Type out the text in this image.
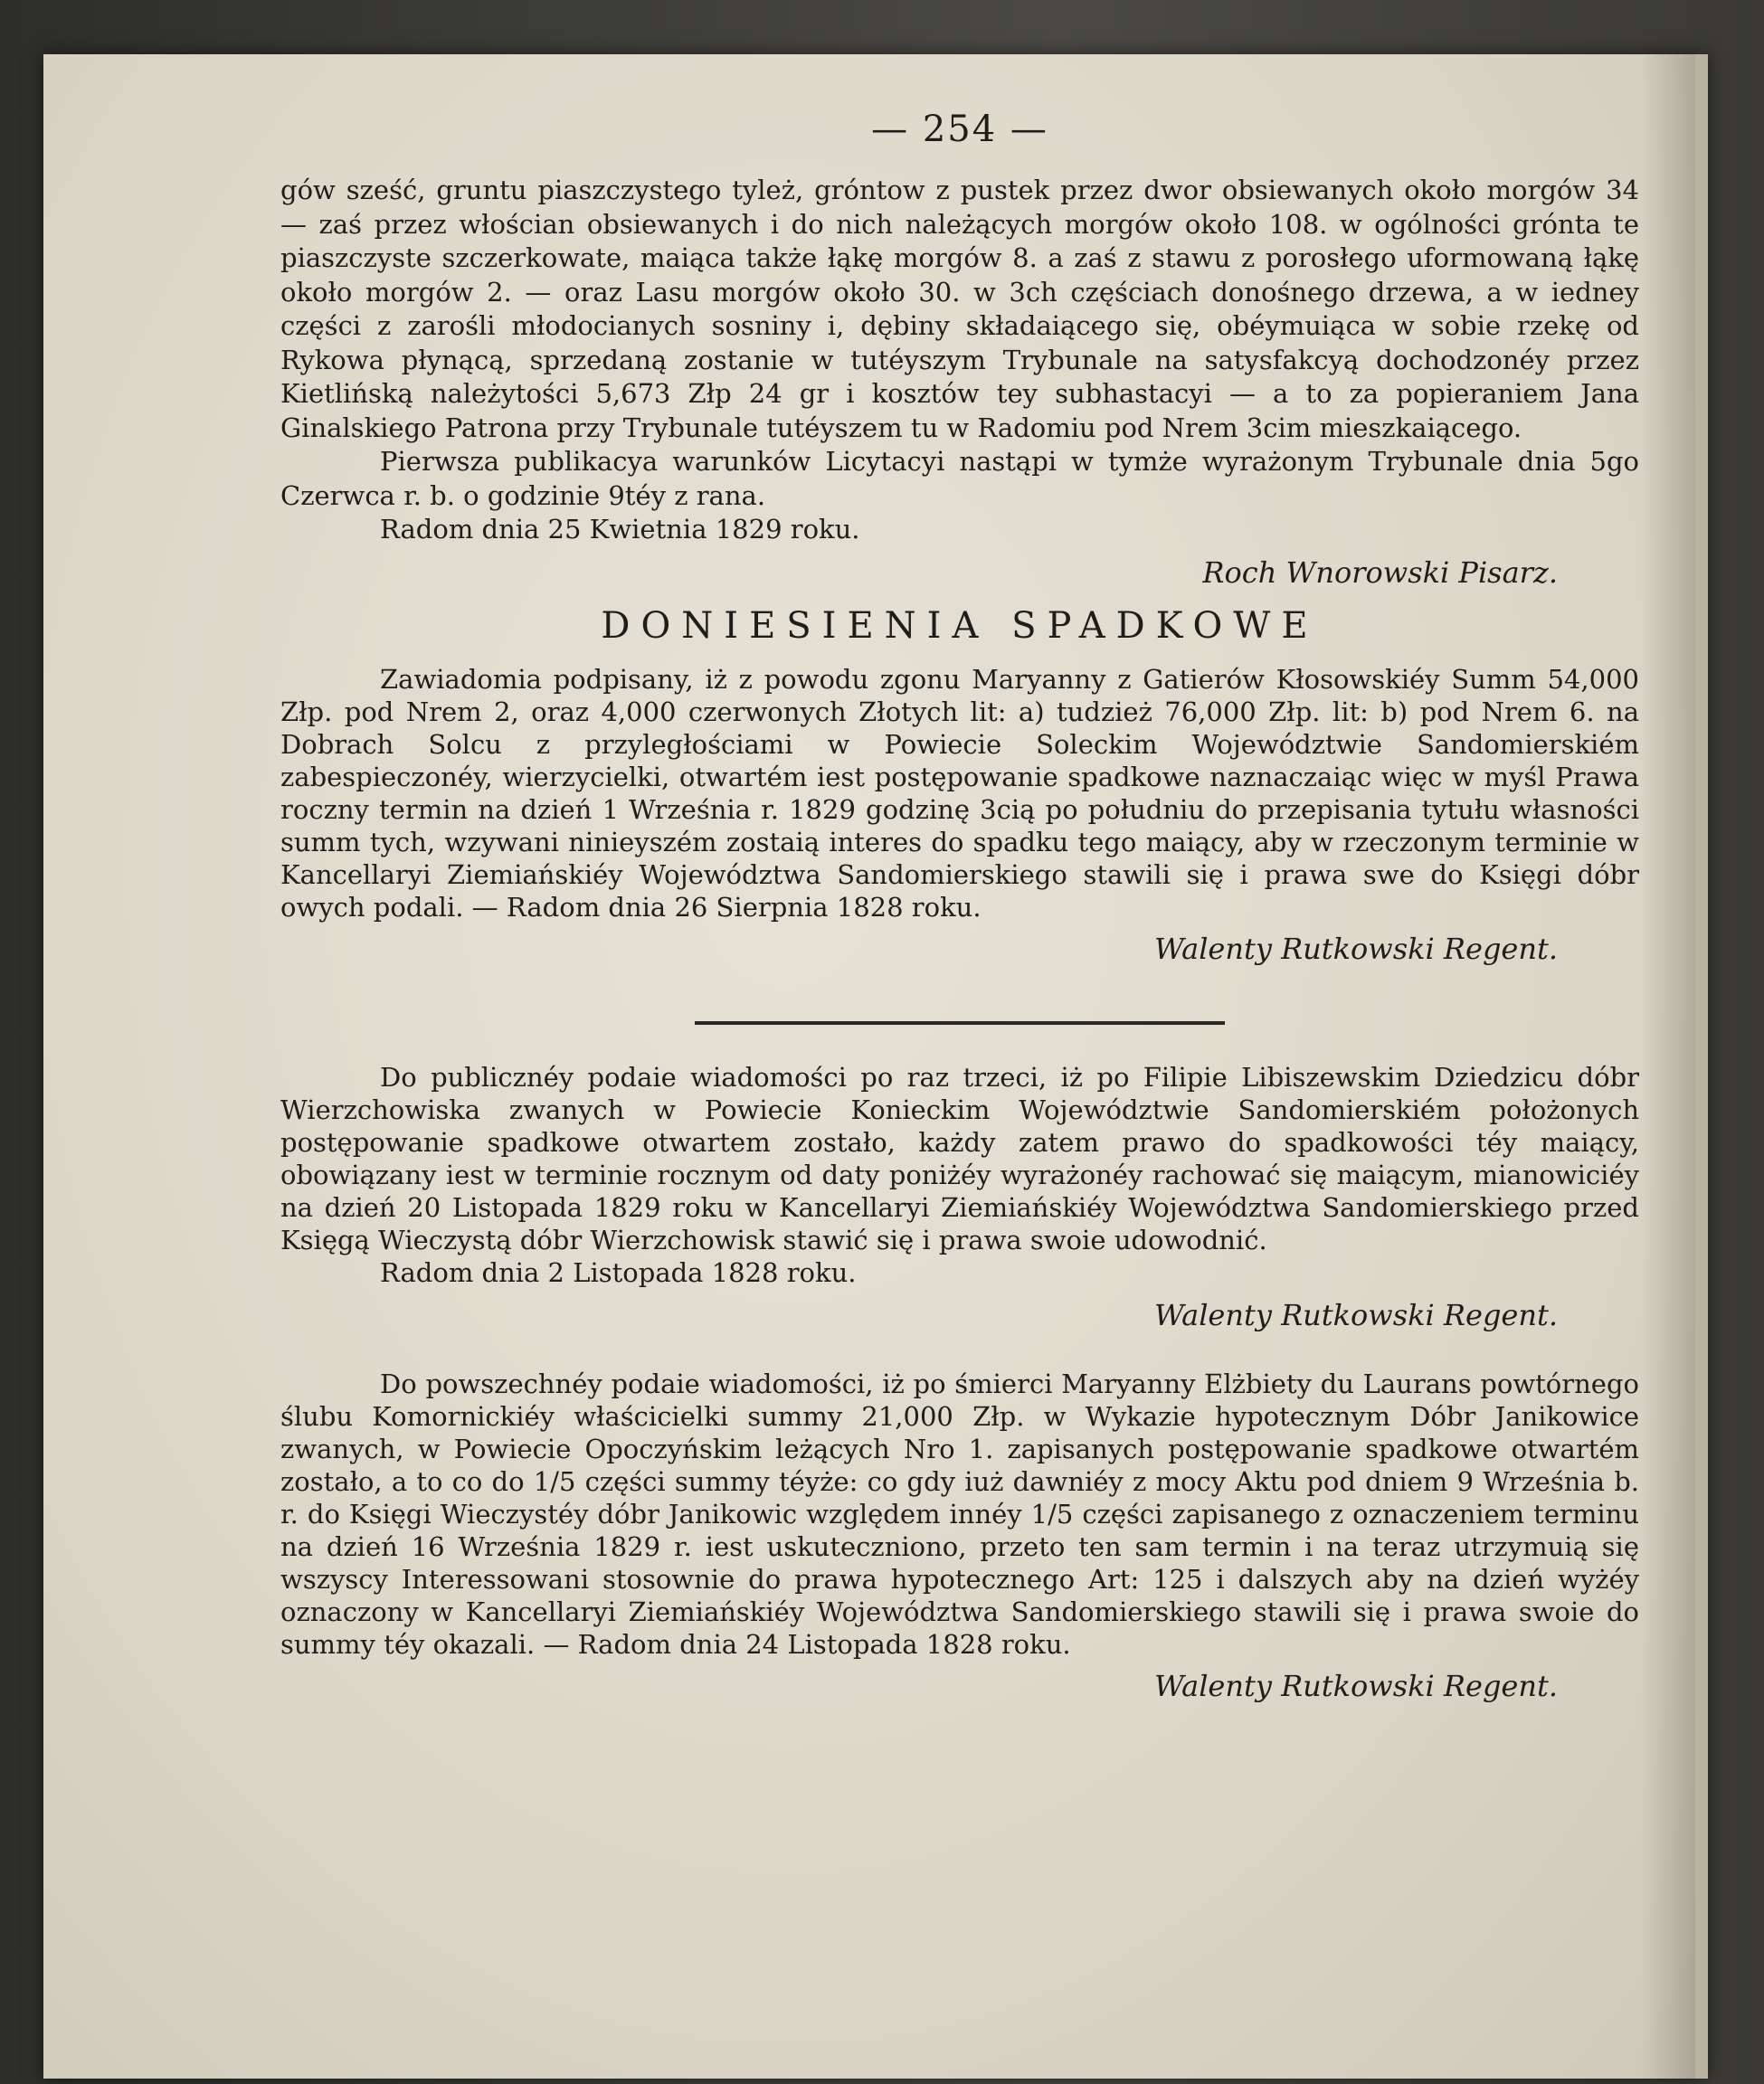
— 254 —

gów sześć, gruntu piaszczystego tyleż, gróntow z pustek przez dwor obsiewanych około morgów 34 — zaś przez włościan obsiewanych i do nich należących morgów około 108. w ogólności grónta te piaszczyste szczerkowate, maiąca także łąkę morgów 8. a zaś z stawu z porosłego uformowaną łąkę około morgów 2. — oraz Lasu morgów około 30. w 3ch częściach donośnego drzewa, a w iedney części z zarośli młodocianych sosniny i, dębiny składaiącego się, obéymuiąca w sobie rzekę od Rykowa płynącą, sprzedaną zostanie w tutéyszym Trybunale na satysfakcyą dochodzonéy przez Kietlińską należytości 5,673 Złp 24 gr i kosztów tey subhastacyi — a to za popieraniem Jana Ginalskiego Patrona przy Trybunale tutéyszem tu w Radomiu pod Nrem 3cim mieszkaiącego.

Pierwsza publikacya warunków Licytacyi nastąpi w tymże wyrażonym Trybunale dnia 5go Czerwca r. b. o godzinie 9téy z rana.

Radom dnia 25 Kwietnia 1829 roku.

Roch Wnorowski Pisarz.
DONIESIENIA SPADKOWE

Zawiadomia podpisany, iż z powodu zgonu Maryanny z Gatierów Kłosowskiéy Summ 54,000 Złp. pod Nrem 2, oraz 4,000 czerwonych Złotych lit: a) tudzież 76,000 Złp. lit: b) pod Nrem 6. na Dobrach Solcu z przyległościami w Powiecie Soleckim Województwie Sandomierskiém zabespieczonéy, wierzycielki, otwartém iest postępowanie spadkowe naznaczaiąc więc w myśl Prawa roczny termin na dzień 1 Września r. 1829 godzinę 3cią po południu do przepisania tytułu własności summ tych, wzywani ninieyszém zostaią interes do spadku tego maiący, aby w rzeczonym terminie w Kancellaryi Ziemiańskiéy Województwa Sandomierskiego stawili się i prawa swe do Księgi dóbr owych podali. — Radom dnia 26 Sierpnia 1828 roku.

Walenty Rutkowski Regent.

Do publicznéy podaie wiadomości po raz trzeci, iż po Filipie Libiszewskim Dziedzicu dóbr Wierzchowiska zwanych w Powiecie Konieckim Województwie Sandomierskiém położonych postępowanie spadkowe otwartem zostało, każdy zatem prawo do spadkowości téy maiący, obowiązany iest w terminie rocznym od daty poniżéy wyrażonéy rachować się maiącym, mianowiciéy na dzień 20 Listopada 1829 roku w Kancellaryi Ziemiańskiéy Województwa Sandomierskiego przed Księgą Wieczystą dóbr Wierzchowisk stawić się i prawa swoie udowodnić.

Radom dnia 2 Listopada 1828 roku.

Walenty Rutkowski Regent.

Do powszechnéy podaie wiadomości, iż po śmierci Maryanny Elżbiety du Laurans powtórnego ślubu Komornickiéy właścicielki summy 21,000 Złp. w Wykazie hypotecznym Dóbr Janikowice zwanych, w Powiecie Opoczyńskim leżących Nro 1. zapisanych postępowanie spadkowe otwartém zostało, a to co do 1/5 części summy téyże: co gdy iuż dawniéy z mocy Aktu pod dniem 9 Września b. r. do Księgi Wieczystéy dóbr Janikowic względem innéy 1/5 części zapisanego z oznaczeniem terminu na dzień 16 Września 1829 r. iest uskuteczniono, przeto ten sam termin i na teraz utrzymuią się wszyscy Interessowani stosownie do prawa hypotecznego Art: 125 i dalszych aby na dzień wyżéy oznaczony w Kancellaryi Ziemiańskiéy Województwa Sandomierskiego stawili się i prawa swoie do summy téy okazali. — Radom dnia 24 Listopada 1828 roku.

Walenty Rutkowski Regent.
